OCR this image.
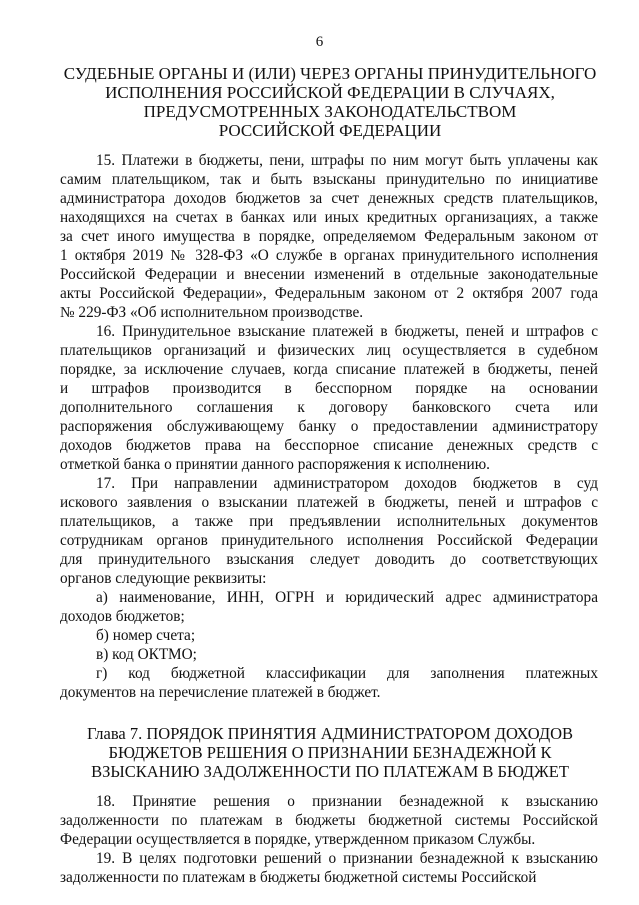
6
СУДЕБНЫЕ ОРГАНЫ И (ИЛИ) ЧЕРЕЗ ОРГАНЫ ПРИНУДИТЕЛЬНОГО
ИСПОЛНЕНИЯ РОССИЙСКОЙ ФЕДЕРАЦИИ В СЛУЧАЯХ,
ПРЕДУСМОТРЕННЫХ ЗАКОНОДАТЕЛЬСТВОМ
РОССИЙСКОЙ ФЕДЕРАЦИИ
15. Платежи в бюджеты, пени, штрафы по ним могут быть уплачены как
самим плательщиком, так и быть взысканы принудительно по инициативе
администратора доходов бюджетов за счет денежных средств плательщиков,
находящихся на счетах в банках или иных кредитных организациях, а также
за счет иного имущества в порядке, определяемом Федеральным законом от
1 октября 2019 № 328-ФЗ «О службе в органах принудительного исполнения
Российской Федерации и внесении изменений в отдельные законодательные
акты Российской Федерации», Федеральным законом от 2 октября 2007 года
№ 229-ФЗ «Об исполнительном производстве.
16. Принудительное взыскание платежей в бюджеты, пеней и штрафов с
плательщиков организаций и физических лиц осуществляется в судебном
порядке, за исключение случаев, когда списание платежей в бюджеты, пеней
и штрафов производится в бесспорном порядке на основании
дополнительного соглашения к договору банковского счета или
распоряжения обслуживающему банку о предоставлении администратору
доходов бюджетов права на бесспорное списание денежных средств с
отметкой банка о принятии данного распоряжения к исполнению.
17. При направлении администратором доходов бюджетов в суд
искового заявления о взыскании платежей в бюджеты, пеней и штрафов с
плательщиков, а также при предъявлении исполнительных документов
сотрудникам органов принудительного исполнения Российской Федерации
для принудительного взыскания следует доводить до соответствующих
органов следующие реквизиты:
а) наименование, ИНН, ОГРН и юридический адрес администратора
доходов бюджетов;
б) номер счета;
в) код ОКТМО;
г) код бюджетной классификации для заполнения платежных
документов на перечисление платежей в бюджет.
Глава 7. ПОРЯДОК ПРИНЯТИЯ АДМИНИСТРАТОРОМ ДОХОДОВ
БЮДЖЕТОВ РЕШЕНИЯ О ПРИЗНАНИИ БЕЗНАДЕЖНОЙ К
ВЗЫСКАНИЮ ЗАДОЛЖЕННОСТИ ПО ПЛАТЕЖАМ В БЮДЖЕТ
18. Принятие решения о признании безнадежной к взысканию
задолженности по платежам в бюджеты бюджетной системы Российской
Федерации осуществляется в порядке, утвержденном приказом Службы.
19. В целях подготовки решений о признании безнадежной к взысканию
задолженности по платежам в бюджеты бюджетной системы Российской
